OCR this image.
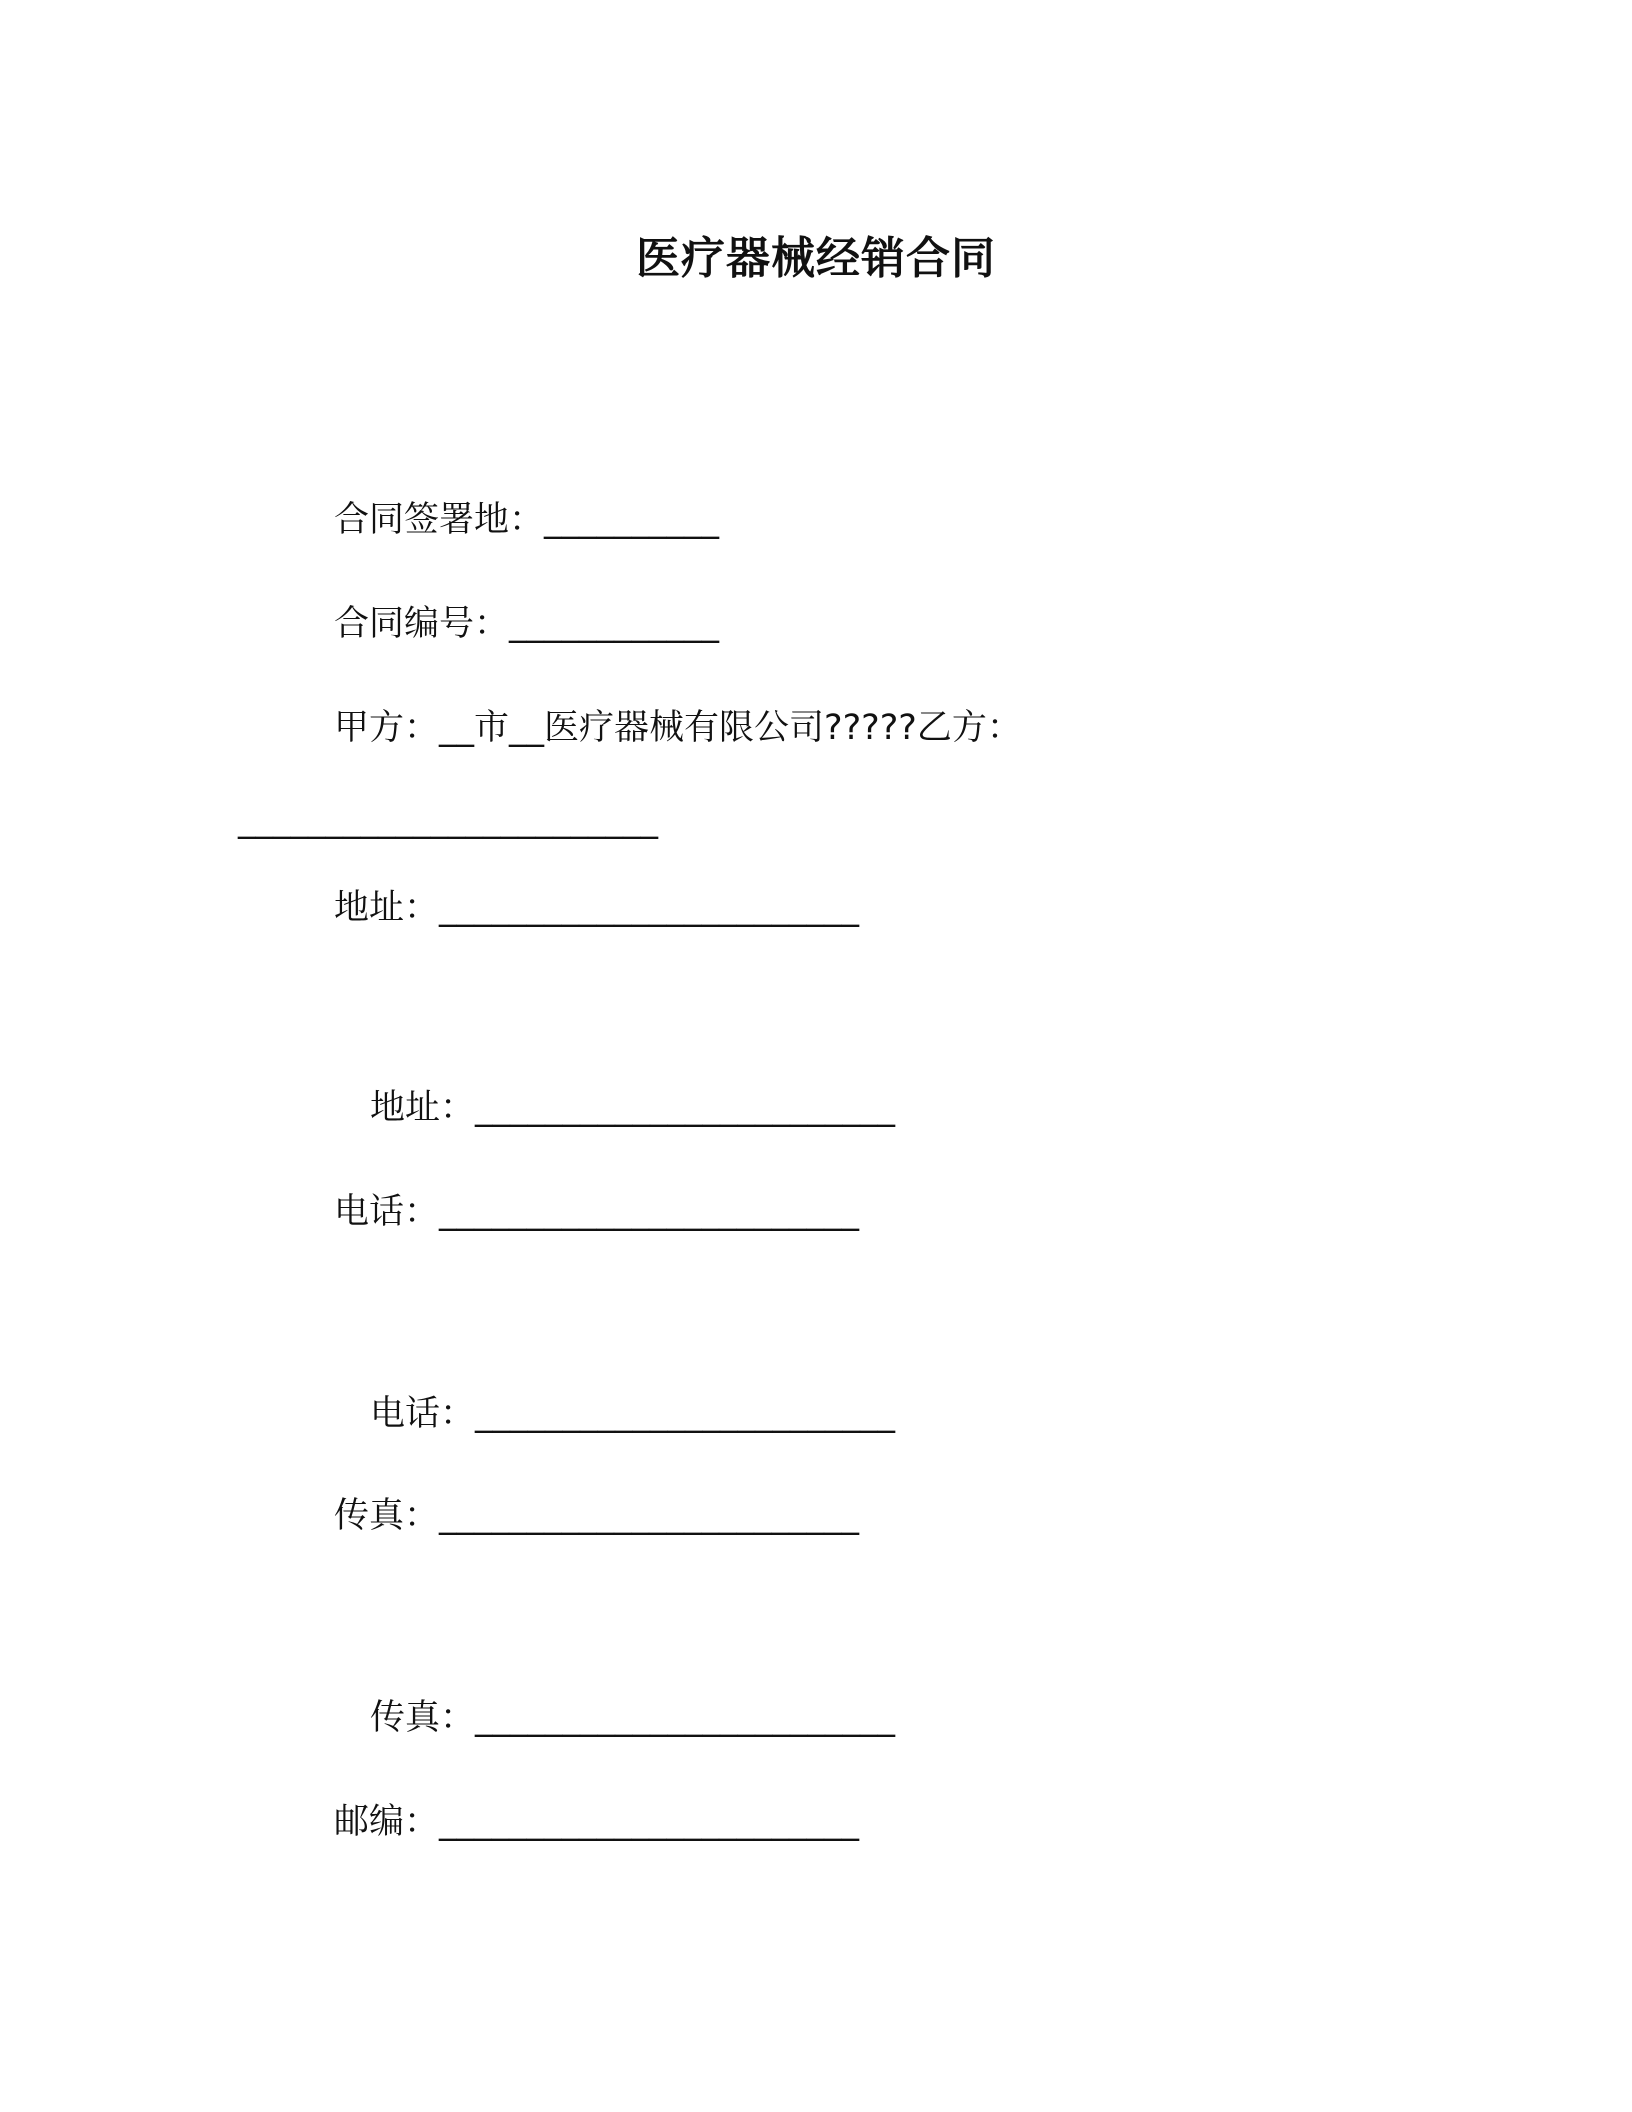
医疗器械经销合同
合同签署地：__________
合同编号：____________
甲方：__市__医疗器械有限公司?????乙方：
________________________
地址：________________________
地址：________________________
电话：________________________
电话：________________________
传真：________________________
传真：________________________
邮编：________________________
